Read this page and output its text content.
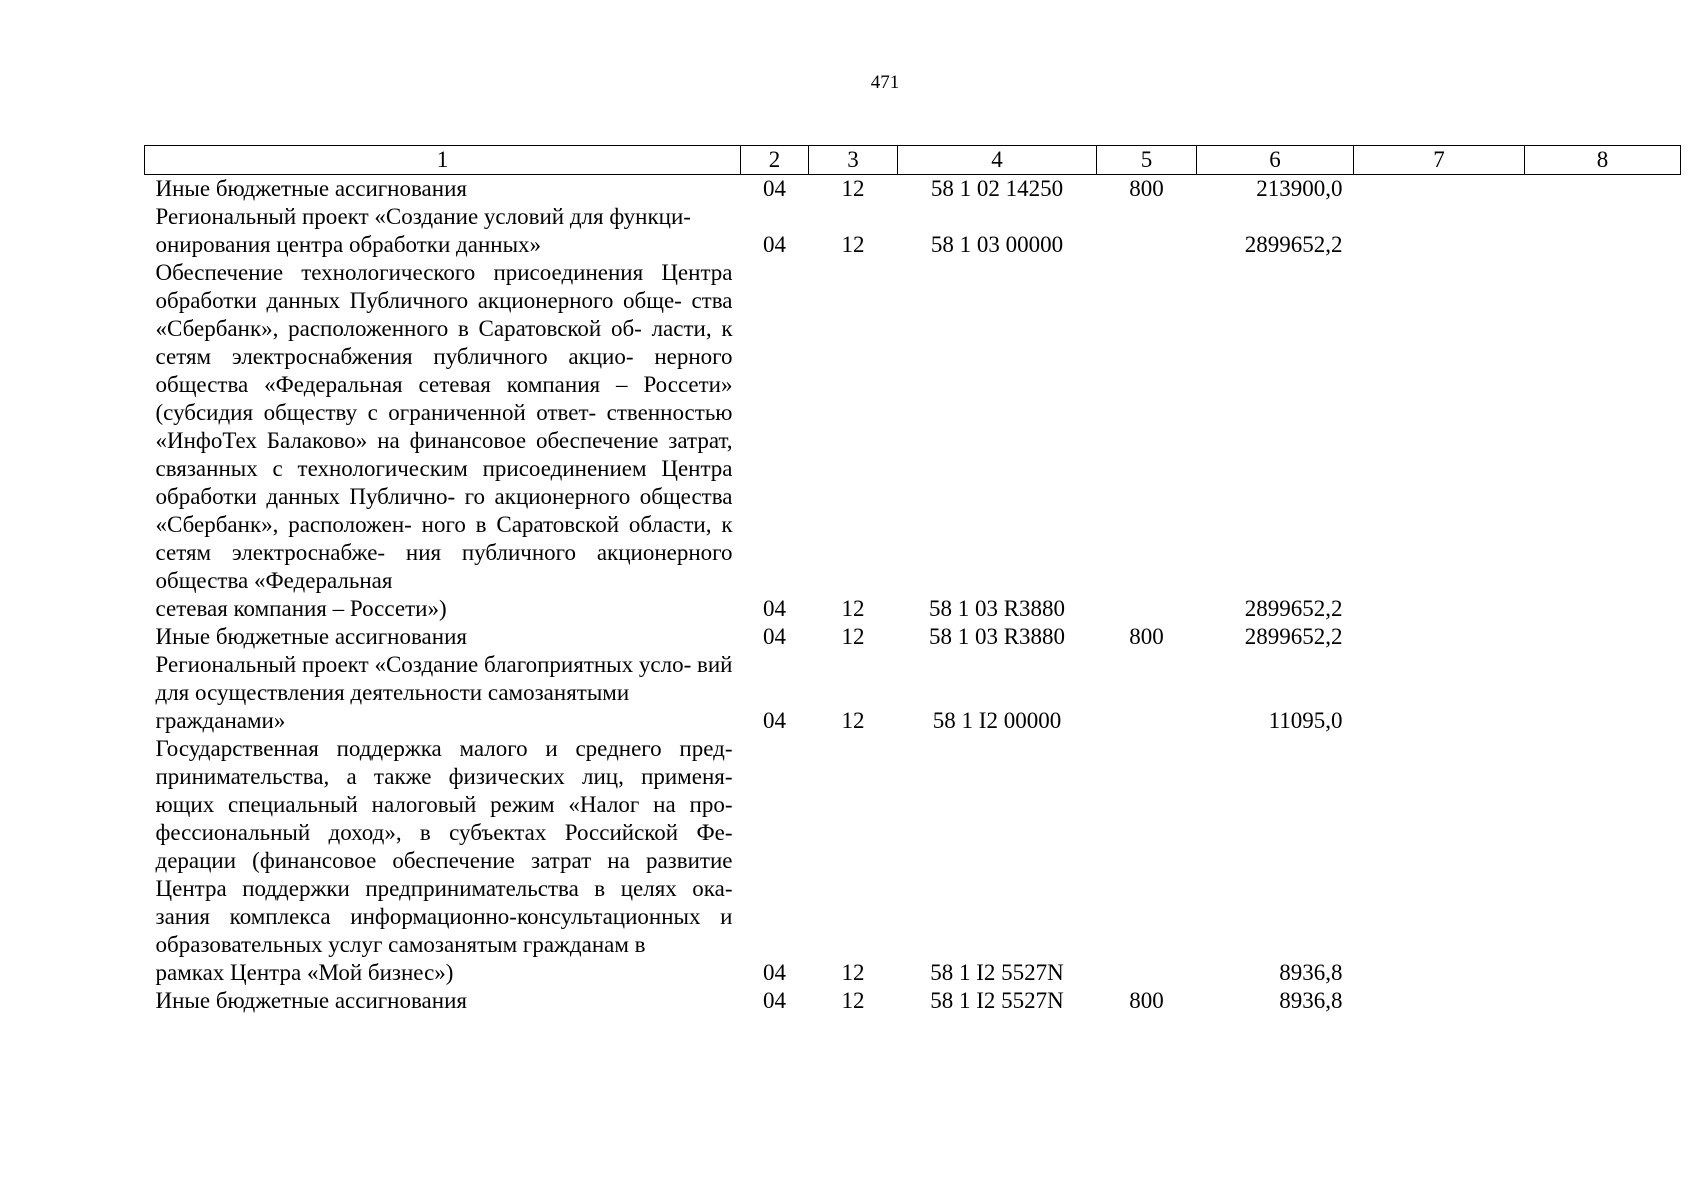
471
1	2	3	4	5	6	7	8

Иные бюджетные ассигнования	04	12	58 1 02 14250	800	213900,0		
Региональный проект «Создание условий для функци-
онирования центра обработки данных»	04	12	58 1 03 00000		2899652,2		
Обеспечение технологического присоединения Центра обработки данных Публичного акционерного обще- ства «Сбербанк», расположенного в Саратовской об- ласти, к сетям электроснабжения публичного акцио- нерного общества «Федеральная сетевая компания – Россети» (субсидия обществу с ограниченной ответ- ственностью «ИнфоТех Балаково» на финансовое обеспечение затрат, связанных с технологическим присоединением Центра обработки данных Публично- го акционерного общества «Сбербанк», расположен- ного в Саратовской области, к сетям электроснабже- ния публичного акционерного общества «Федеральная
сетевая компания – Россети»)	04	12	58 1 03 R3880		2899652,2		

Иные бюджетные ассигнования	04	12	58 1 03 R3880	800	2899652,2		
Региональный проект «Создание благоприятных усло- вий для осуществления деятельности самозанятыми
гражданами»	04	12	58 1 I2 00000		11095,0		
Государственная поддержка малого и среднего пред- принимательства, а также физических лиц, применя- ющих специальный налоговый режим «Налог на про- фессиональный доход», в субъектах Российской Фе- дерации (финансовое обеспечение затрат на развитие Центра поддержки предпринимательства в целях ока- зания комплекса информационно-консультационных и образовательных услуг самозанятым гражданам в
рамках Центра «Мой бизнес»)	04	12	58 1 I2 5527N		8936,8		

Иные бюджетные ассигнования	04	12	58 1 I2 5527N	800	8936,8		
